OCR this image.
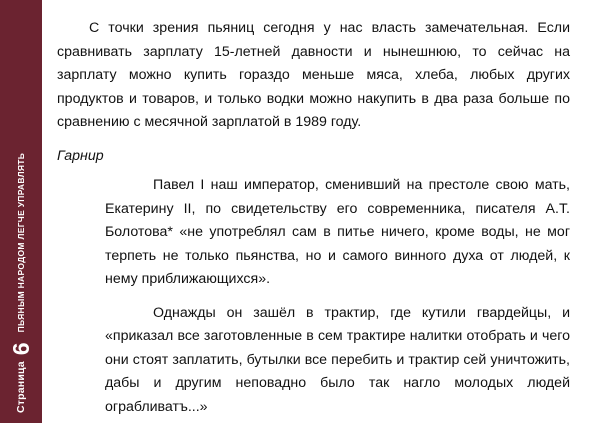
Страница
6
ПЬЯНЫМ НАРОДОМ ЛЕГЧЕ УПРАВЛЯТЬ

С точки зрения пьяниц сегодня у нас власть замечательная. Если сравнивать зарплату 15-летней давности и нынешнюю, то сейчас на зарплату можно купить гораздо меньше мяса, хлеба, любых других продуктов и товаров, и только водки можно накупить в два раза больше по сравнению с месячной зарплатой в 1989 году.

Гарнир

Павел I наш император, сменивший на престоле свою мать, Екатерину II, по свидетельству его современника, писателя А.Т. Болотова* «не употреблял сам в питье ничего, кроме воды, не мог терпеть не только пьянства, но и самого винного духа от людей, к нему приближающихся».

Однажды он зашёл в трактир, где кутили гвардейцы, и «приказал все заготовленные в сем трактире налитки отобрать и чего они стоят заплатить, бутылки все перебить и трактир сей уничтожить, дабы и другим неповадно было так нагло молодых людей ограбливатъ...»
